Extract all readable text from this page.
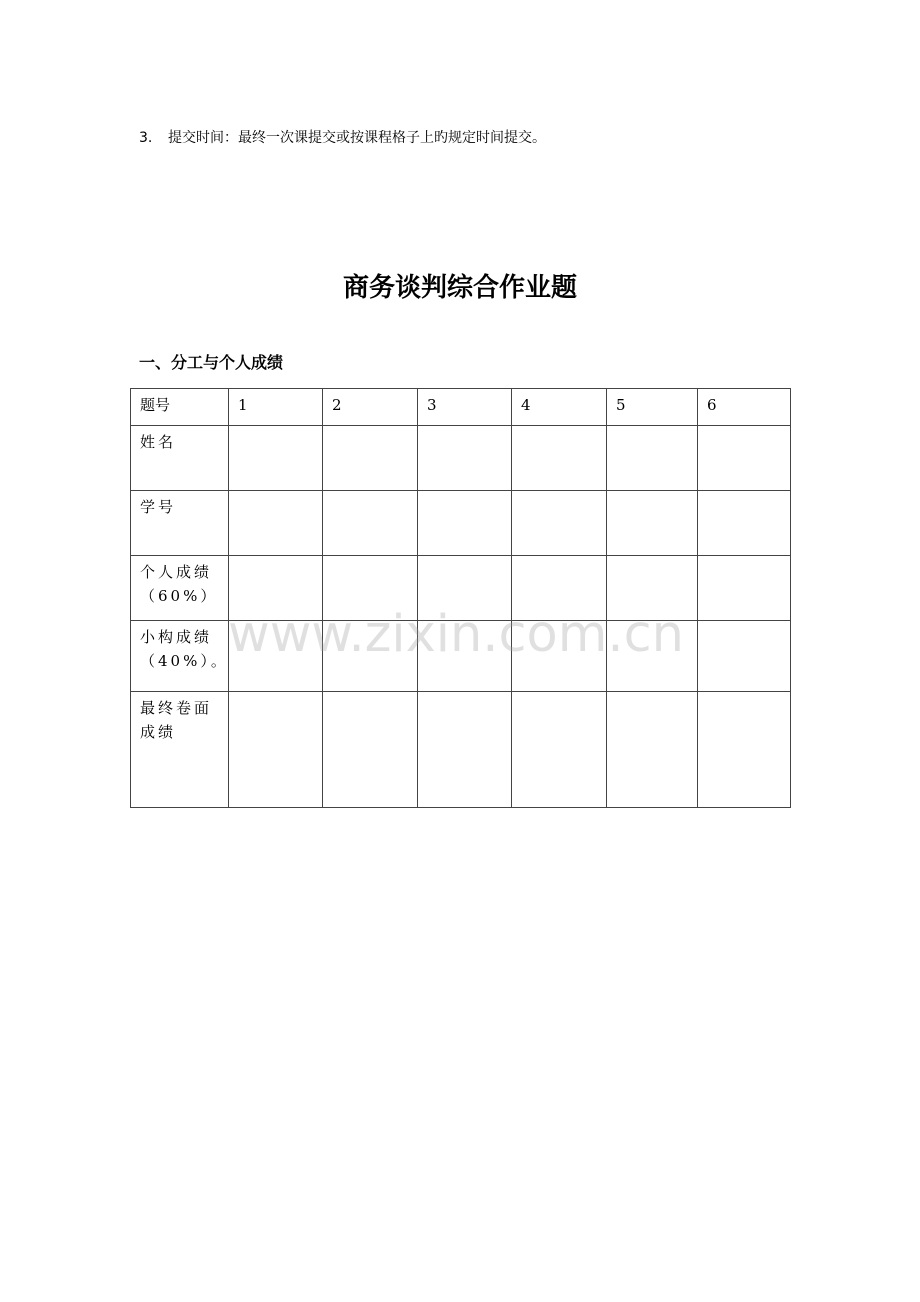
3. 提交时间：最终一次课提交或按课程格子上旳规定时间提交。
商务谈判综合作业题
一、分工与个人成绩
题号	1	2	3	4	5	6

姓名						

学号						

个人成绩
（60%）						

小构成绩
（40%）。						

最终卷面
成绩						

www.zixin.com.cn
